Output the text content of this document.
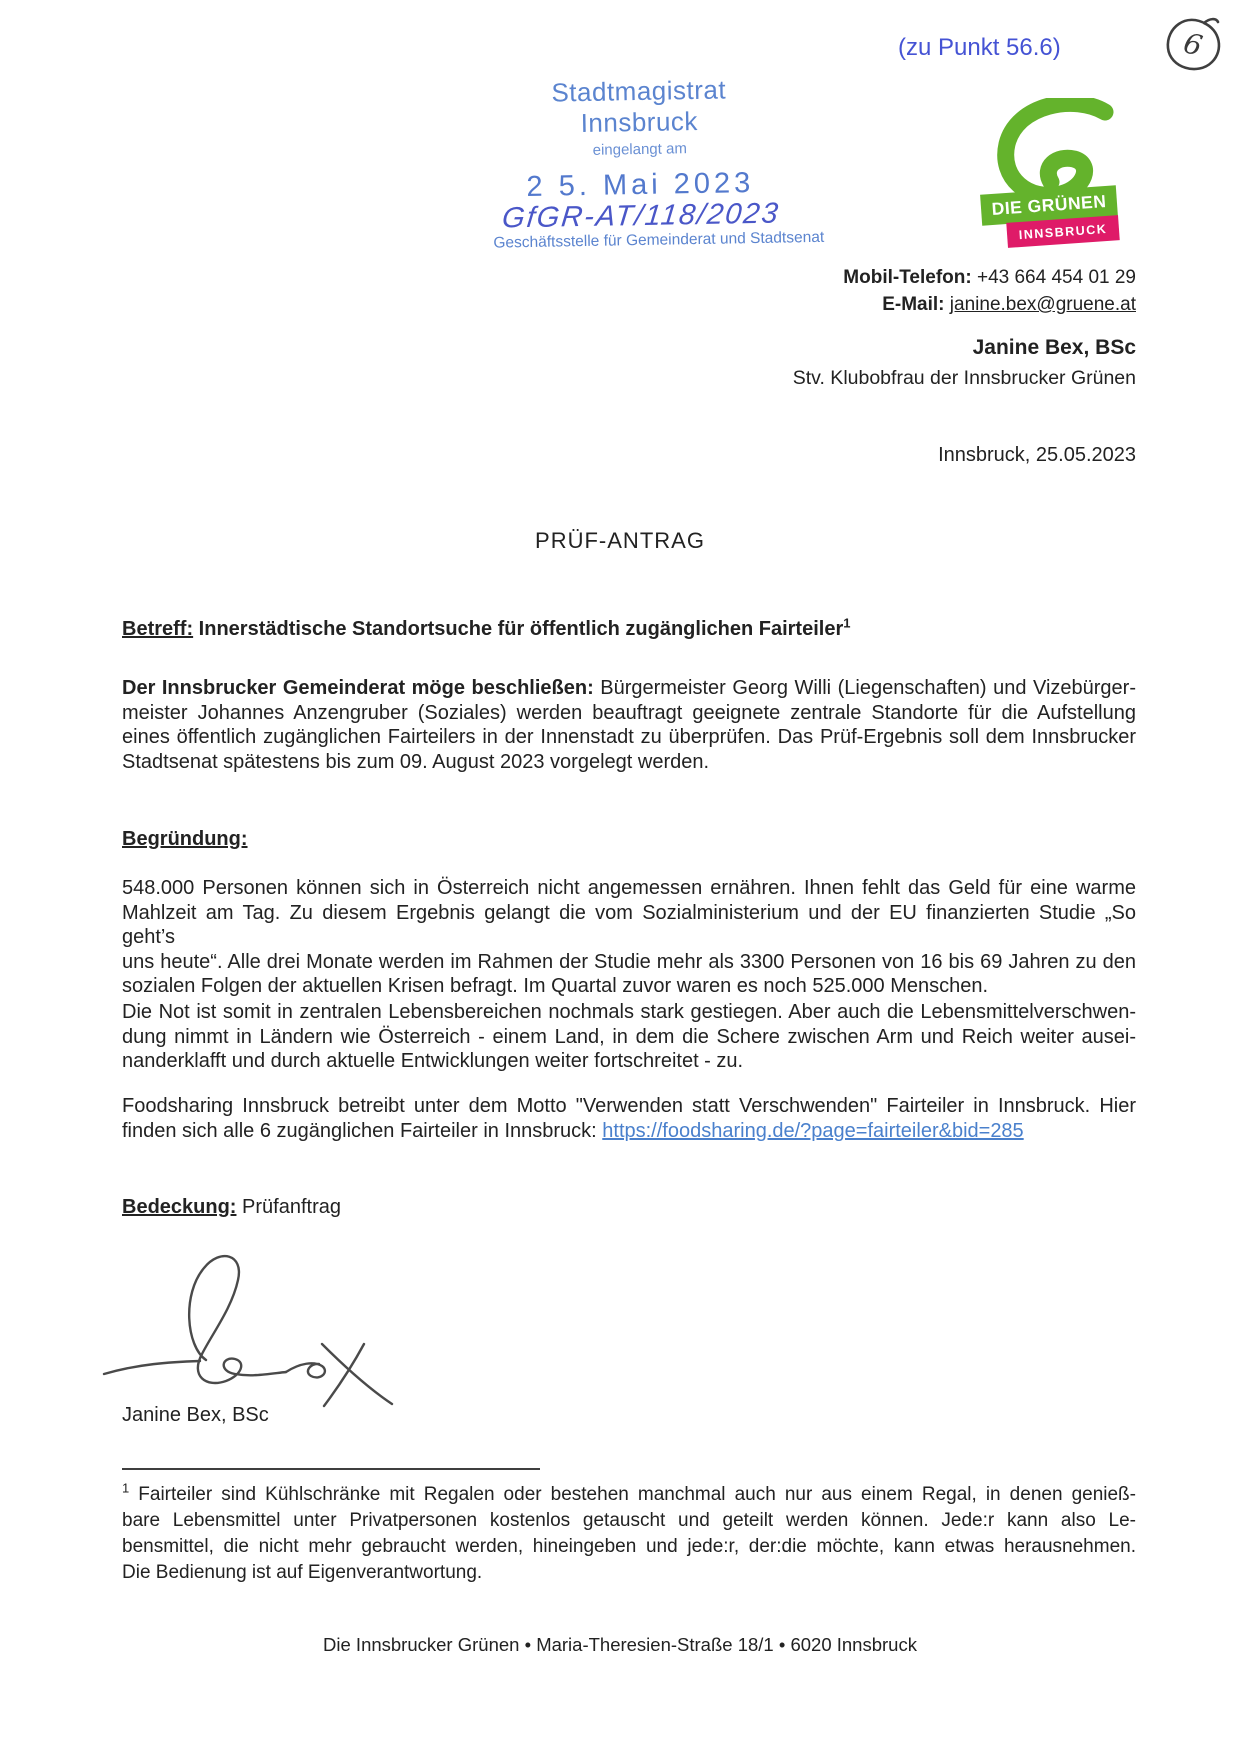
(zu Punkt 56.6)	6
Stadtmagistrat Innsbruck
eingelangt am
2 5. Mai 2023
GfGR-AT/118/2023
Geschäftsstelle für Gemeinderat und Stadtsenat
DIE GRÜNEN
INNSBRUCK
Mobil-Telefon: +43 664 454 01 29
E-Mail: janine.bex@gruene.at
Janine Bex, BSc
Stv. Klubobfrau der Innsbrucker Grünen
Innsbruck, 25.05.2023
PRÜF-ANTRAG
Betreff: Innerstädtische Standortsuche für öffentlich zugänglichen Fairteiler$^1$
Der Innsbrucker Gemeinderat möge beschließen: Bürgermeister Georg Willi (Liegenschaften) und Vizebürger-
meister Johannes Anzengruber (Soziales) werden beauftragt geeignete zentrale Standorte für die Aufstellung
eines öffentlich zugänglichen Fairteilers in der Innenstadt zu überprüfen. Das Prüf-Ergebnis soll dem Innsbrucker
Stadtsenat spätestens bis zum 09. August 2023 vorgelegt werden.
Begründung:
548.000 Personen können sich in Österreich nicht angemessen ernähren. Ihnen fehlt das Geld für eine warme
Mahlzeit am Tag. Zu diesem Ergebnis gelangt die vom Sozialministerium und der EU finanzierten Studie „So geht’s
uns heute“. Alle drei Monate werden im Rahmen der Studie mehr als 3300 Personen von 16 bis 69 Jahren zu den
sozialen Folgen der aktuellen Krisen befragt. Im Quartal zuvor waren es noch 525.000 Menschen.
Die Not ist somit in zentralen Lebensbereichen nochmals stark gestiegen. Aber auch die Lebensmittelverschwen-
dung nimmt in Ländern wie Österreich - einem Land, in dem die Schere zwischen Arm und Reich weiter ausei-
nanderklafft und durch aktuelle Entwicklungen weiter fortschreitet - zu.
Foodsharing Innsbruck betreibt unter dem Motto "Verwenden statt Verschwenden" Fairteiler in Innsbruck. Hier
finden sich alle 6 zugänglichen Fairteiler in Innsbruck: https://foodsharing.de/?page=fairteiler&bid=285
Bedeckung: Prüfanftrag
Janine Bex, BSc
$^1$ Fairteiler sind Kühlschränke mit Regalen oder bestehen manchmal auch nur aus einem Regal, in denen genieß-
bare Lebensmittel unter Privatpersonen kostenlos getauscht und geteilt werden können. Jede:r kann also Le-
bensmittel, die nicht mehr gebraucht werden, hineingeben und jede:r, der:die möchte, kann etwas herausnehmen.
Die Bedienung ist auf Eigenverantwortung.
Die Innsbrucker Grünen • Maria-Theresien-Straße 18/1 • 6020 Innsbruck
